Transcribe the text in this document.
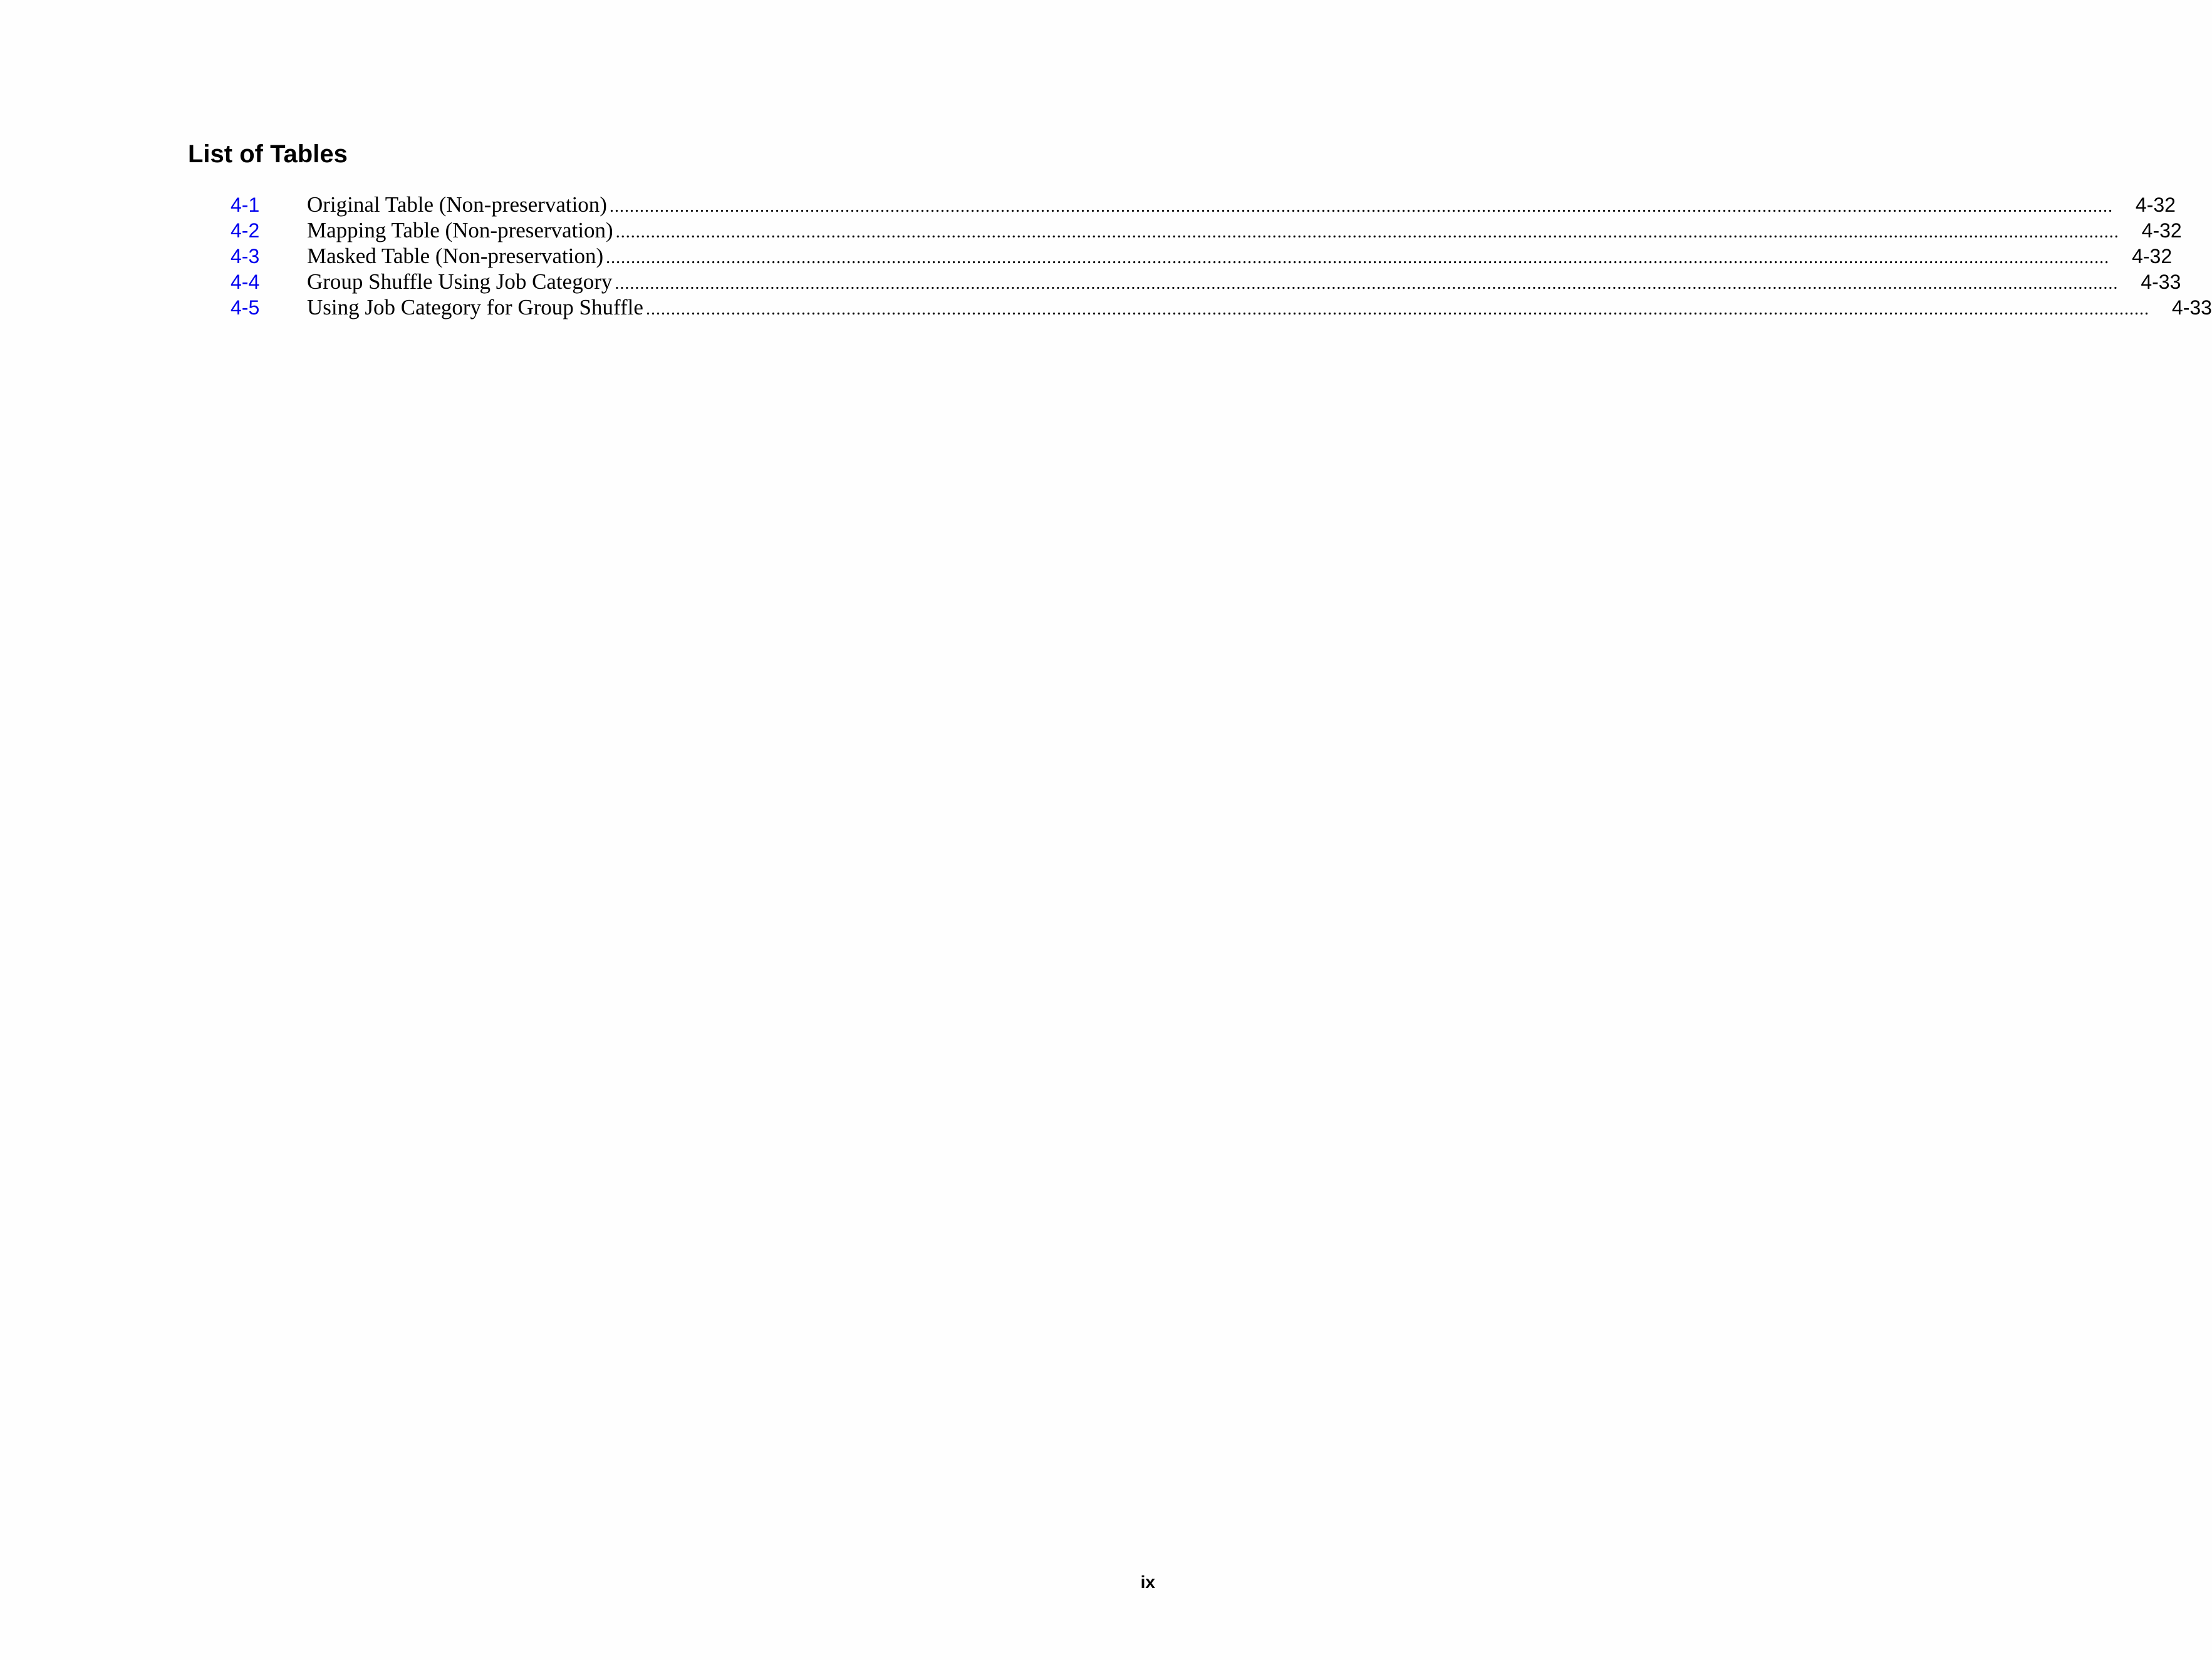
List of Tables
4-1	Original Table (Non-preservation) ............................................................................................................................................................................................................................................................................................................	4-32
4-2	Mapping Table (Non-preservation) ............................................................................................................................................................................................................................................................................................................	4-32
4-3	Masked Table (Non-preservation) ............................................................................................................................................................................................................................................................................................................	4-32
4-4	Group Shuffle Using Job Category ............................................................................................................................................................................................................................................................................................................	4-33
4-5	Using Job Category for Group Shuffle ............................................................................................................................................................................................................................................................................................................	4-33
ix
